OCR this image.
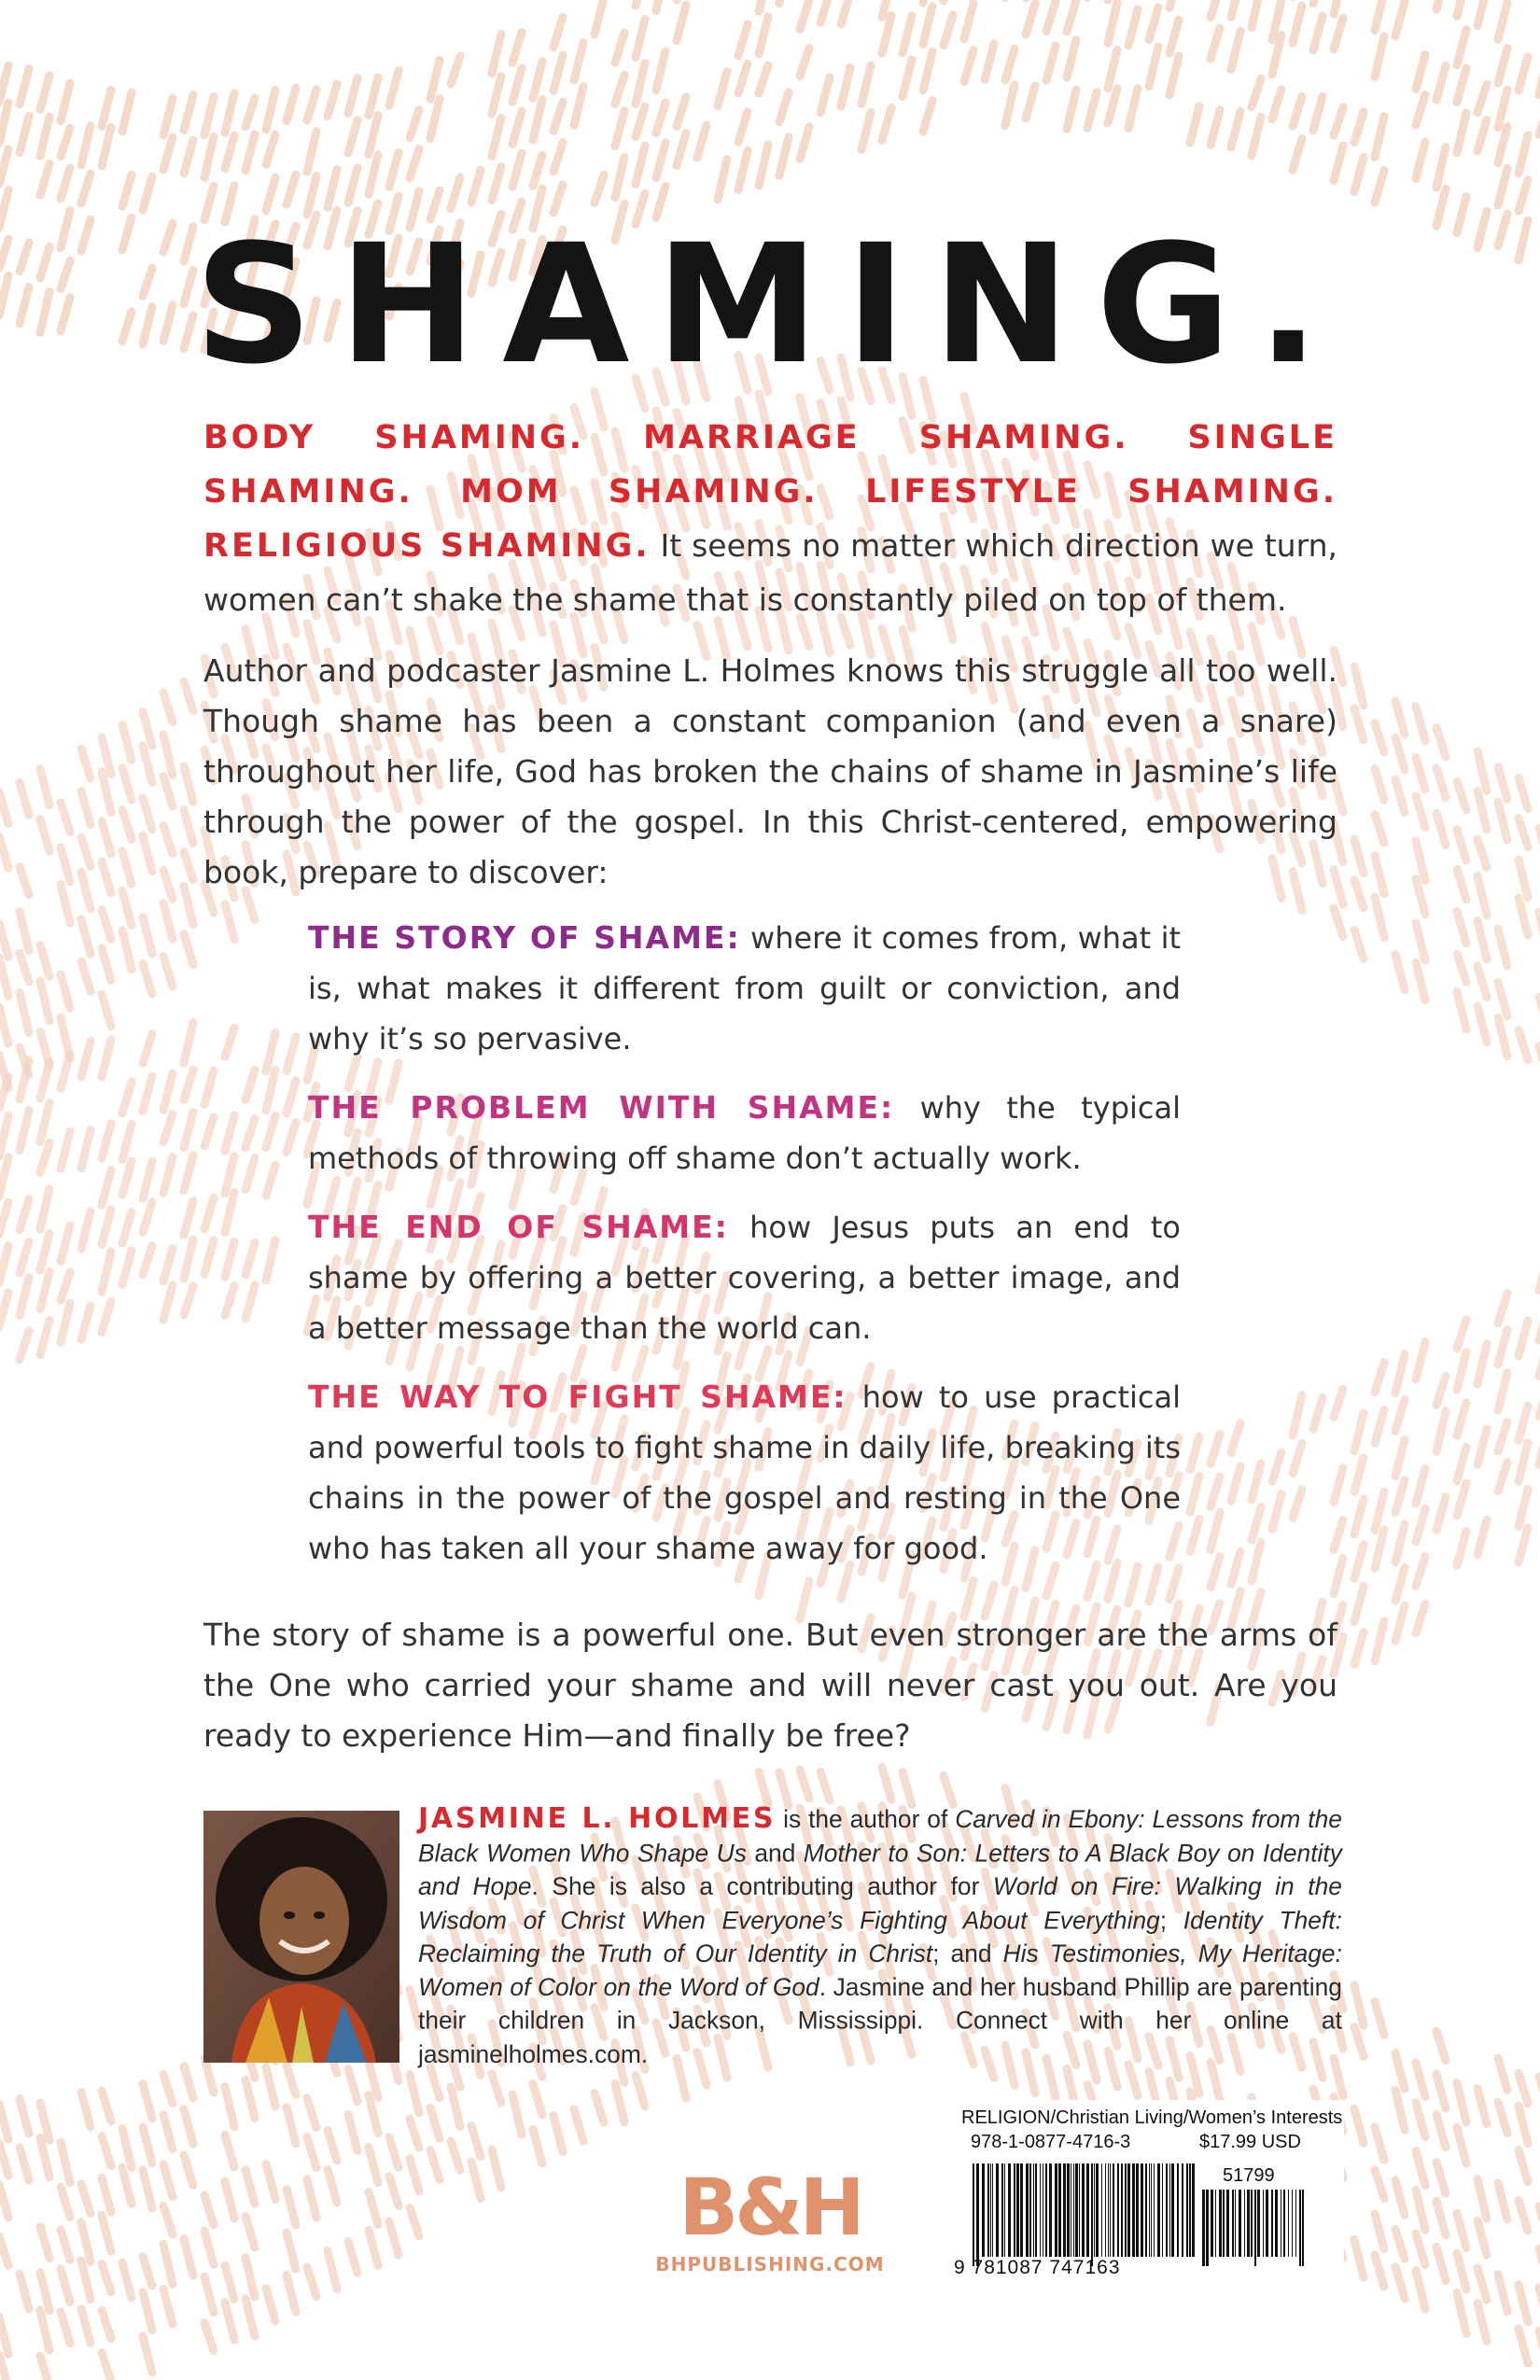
SHAMING.

BODY SHAMING. MARRIAGE SHAMING. SINGLE SHAMING. MOM SHAMING. LIFESTYLE SHAMING. RELIGIOUS SHAMING. It seems no matter which direction we turn, women can’t shake the shame that is constantly piled on top of them.

Author and podcaster Jasmine L. Holmes knows this struggle all too well. Though shame has been a constant companion (and even a snare) throughout her life, God has broken the chains of shame in Jasmine’s life through the power of the gospel. In this Christ-centered, empowering book, prepare to discover:

THE STORY OF SHAME: where it comes from, what it is, what makes it different from guilt or conviction, and why it’s so pervasive.

THE PROBLEM WITH SHAME: why the typical methods of throwing off shame don’t actually work.

THE END OF SHAME: how Jesus puts an end to shame by offering a better covering, a better image, and a better message than the world can.

THE WAY TO FIGHT SHAME: how to use practical and powerful tools to fight shame in daily life, breaking its chains in the power of the gospel and resting in the One who has taken all your shame away for good.

The story of shame is a powerful one. But even stronger are the arms of the One who carried your shame and will never cast you out. Are you ready to experience Him—and finally be free?

JASMINE L. HOLMES is the author of Carved in Ebony: Lessons from the Black Women Who Shape Us and Mother to Son: Letters to A Black Boy on Identity and Hope. She is also a contributing author for World on Fire: Walking in the Wisdom of Christ When Everyone’s Fighting About Everything; Identity Theft: Reclaiming the Truth of Our Identity in Christ; and His Testimonies, My Heritage: Women of Color on the Word of God. Jasmine and her husband Phillip are parenting their children in Jackson, Mississippi. Connect with her online at jasminelholmes.com.

B&H
BHPUBLISHING.COM
RELIGION/Christian Living/Women’s Interests
978-1-0877-4716-3	$17.99 USD
51799
9 781087 747163
